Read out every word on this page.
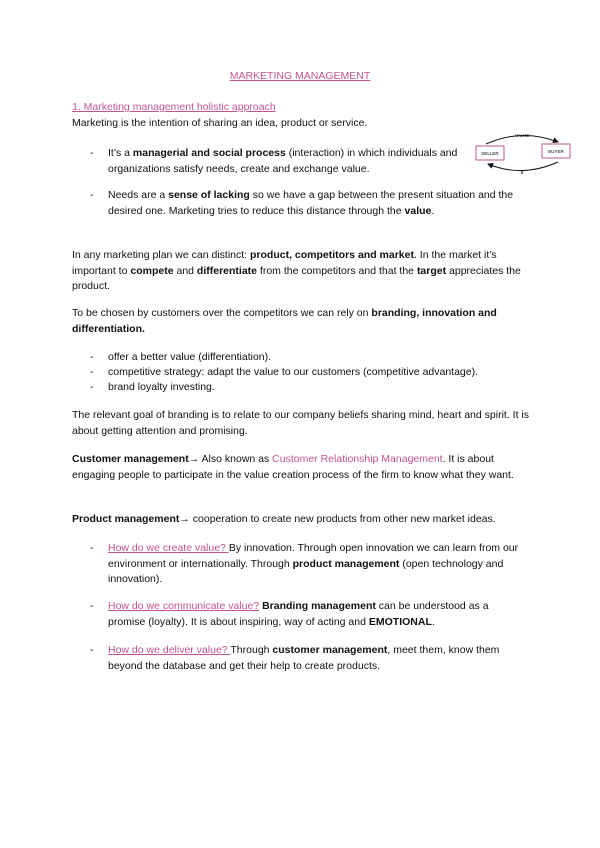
MARKETING MANAGEMENT

1. Marketing management holistic approach

Marketing is the intention of sharing an idea, product or service.

-	It’s a managerial and social process (interaction) in which individuals and organizations satisfy needs, create and exchange value.

VALUE
SELLER	BUYER
$
-	Needs are a sense of lacking so we have a gap between the present situation and the desired one. Marketing tries to reduce this distance through the value.

In any marketing plan we can distinct: product, competitors and market. In the market it’s important to compete and differentiate from the competitors and that the target appreciates the product.

To be chosen by customers over the competitors we can rely on branding, innovation and differentiation.

-	offer a better value (differentiation).

-	competitive strategy: adapt the value to our customers (competitive advantage).

-	brand loyalty investing.

The relevant goal of branding is to relate to our company beliefs sharing mind, heart and spirit. It is about getting attention and promising.

Customer management→ Also known as Customer Relationship Management. It is about engaging people to participate in the value creation process of the firm to know what they want.

Product management→ cooperation to create new products from other new market ideas.

-	How do we create value? By innovation. Through open innovation we can learn from our environment or internationally. Through product management (open technology and innovation).

-	How do we communicate value? Branding management can be understood as a promise (loyalty). It is about inspiring, way of acting and EMOTIONAL.

-	How do we deliver value? Through customer management, meet them, know them beyond the database and get their help to create products.
